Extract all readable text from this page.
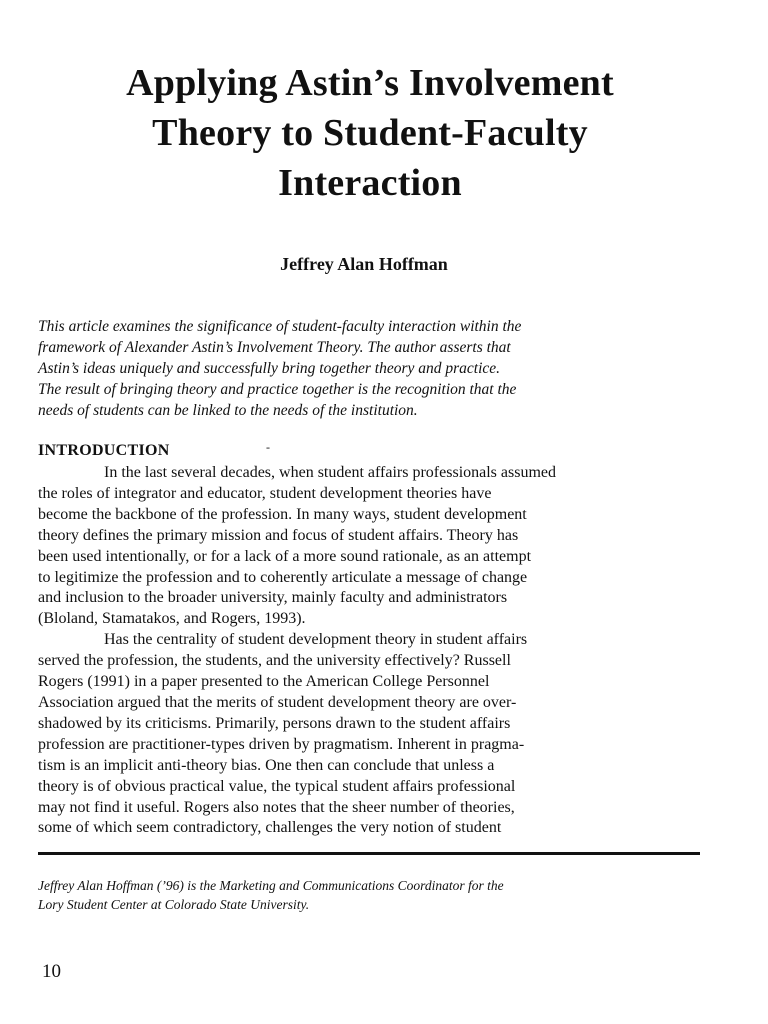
Applying Astin’s Involvement
Theory to Student-Faculty
Interaction
Jeffrey Alan Hoffman

This article examines the significance of student-faculty interaction within the
framework of Alexander Astin’s Involvement Theory. The author asserts that
Astin’s ideas uniquely and successfully bring together theory and practice.
The result of bringing theory and practice together is the recognition that the
needs of students can be linked to the needs of the institution.

INTRODUCTION	-

In the last several decades, when student affairs professionals assumed
the roles of integrator and educator, student development theories have
become the backbone of the profession. In many ways, student development
theory defines the primary mission and focus of student affairs. Theory has
been used intentionally, or for a lack of a more sound rationale, as an attempt
to legitimize the profession and to coherently articulate a message of change
and inclusion to the broader university, mainly faculty and administrators
(Bloland, Stamatakos, and Rogers, 1993).
Has the centrality of student development theory in student affairs
served the profession, the students, and the university effectively? Russell
Rogers (1991) in a paper presented to the American College Personnel
Association argued that the merits of student development theory are over-
shadowed by its criticisms. Primarily, persons drawn to the student affairs
profession are practitioner-types driven by pragmatism. Inherent in pragma-
tism is an implicit anti-theory bias. One then can conclude that unless a
theory is of obvious practical value, the typical student affairs professional
may not find it useful. Rogers also notes that the sheer number of theories,
some of which seem contradictory, challenges the very notion of student

Jeffrey Alan Hoffman (’96) is the Marketing and Communications Coordinator for the
Lory Student Center at Colorado State University.

10
